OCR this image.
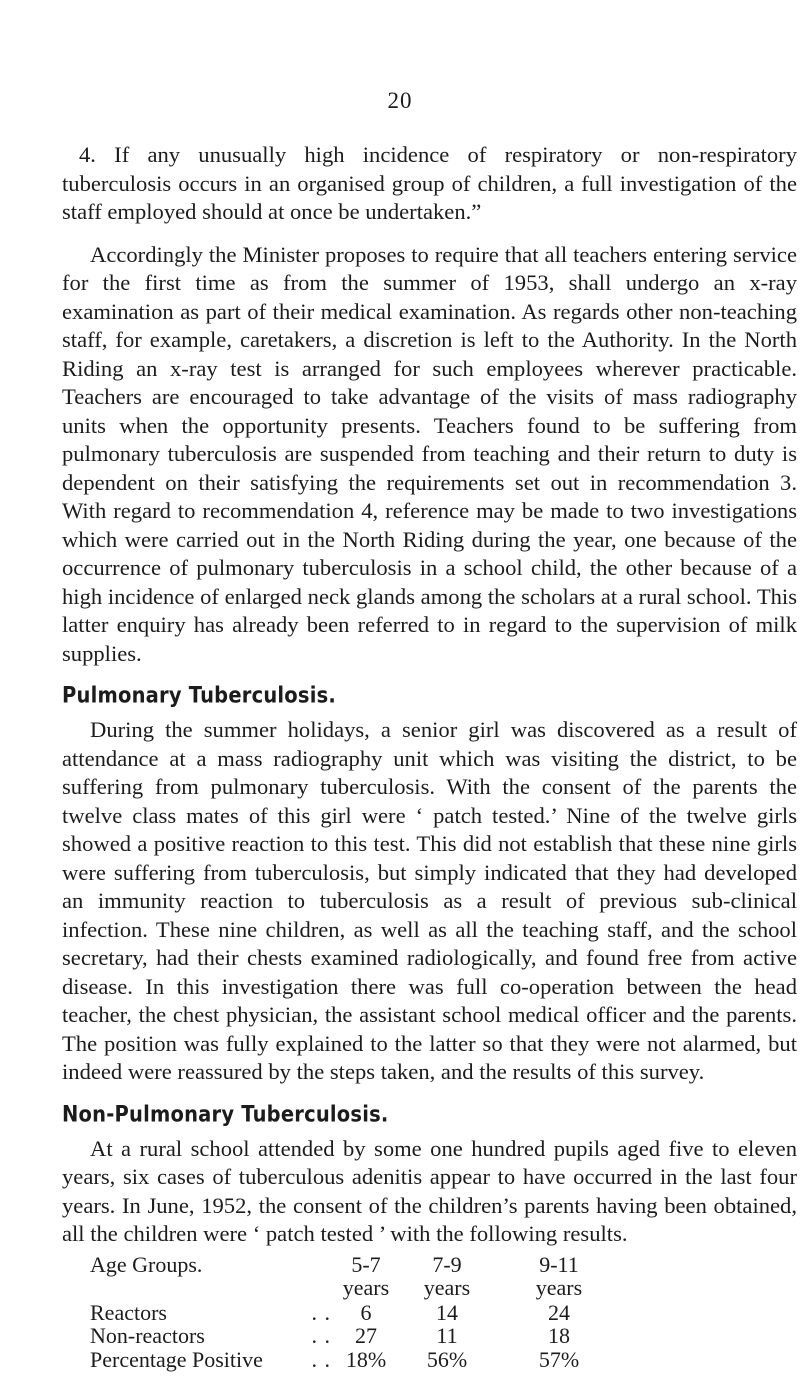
20

4. If any unusually high incidence of respiratory or non-respiratory tuberculosis occurs in an organised group of children, a full investigation of the staff employed should at once be undertaken.”

Accordingly the Minister proposes to require that all teachers entering service for the first time as from the summer of 1953, shall undergo an x-ray examination as part of their medical examination. As regards other non-teaching staff, for example, caretakers, a discretion is left to the Authority. In the North Riding an x-ray test is arranged for such employees wherever practicable. Teachers are encouraged to take advantage of the visits of mass radiography units when the opportunity presents. Teachers found to be suffering from pulmonary tuberculosis are suspended from teaching and their return to duty is dependent on their satisfying the requirements set out in recommendation 3. With regard to recommendation 4, reference may be made to two investigations which were carried out in the North Riding during the year, one because of the occurrence of pulmonary tuberculosis in a school child, the other because of a high incidence of enlarged neck glands among the scholars at a rural school. This latter enquiry has already been referred to in regard to the supervision of milk supplies.

Pulmonary Tuberculosis.

During the summer holidays, a senior girl was discovered as a result of attendance at a mass radiography unit which was visiting the district, to be suffering from pulmonary tuberculosis. With the consent of the parents the twelve class mates of this girl were ‘ patch tested.’ Nine of the twelve girls showed a positive reaction to this test. This did not establish that these nine girls were suffering from tuberculosis, but simply indicated that they had developed an immunity reaction to tuberculosis as a result of previous sub-clinical infection. These nine children, as well as all the teaching staff, and the school secretary, had their chests examined radiologically, and found free from active disease. In this investigation there was full co-operation between the head teacher, the chest physician, the assistant school medical officer and the parents. The position was fully explained to the latter so that they were not alarmed, but indeed were reassured by the steps taken, and the results of this survey.

Non-Pulmonary Tuberculosis.

At a rural school attended by some one hundred pupils aged five to eleven years, six cases of tuberculous adenitis appear to have occurred in the last four years. In June, 1952, the consent of the children’s parents having been obtained, all the children were ‘ patch tested ’ with the following results.

Age Groups.		5-7	7-9	9-11
		years	years	years
Reactors	. .	6	14	24
Non-reactors	. .	27	11	18
Percentage Positive	. .	18%	56%	57%
